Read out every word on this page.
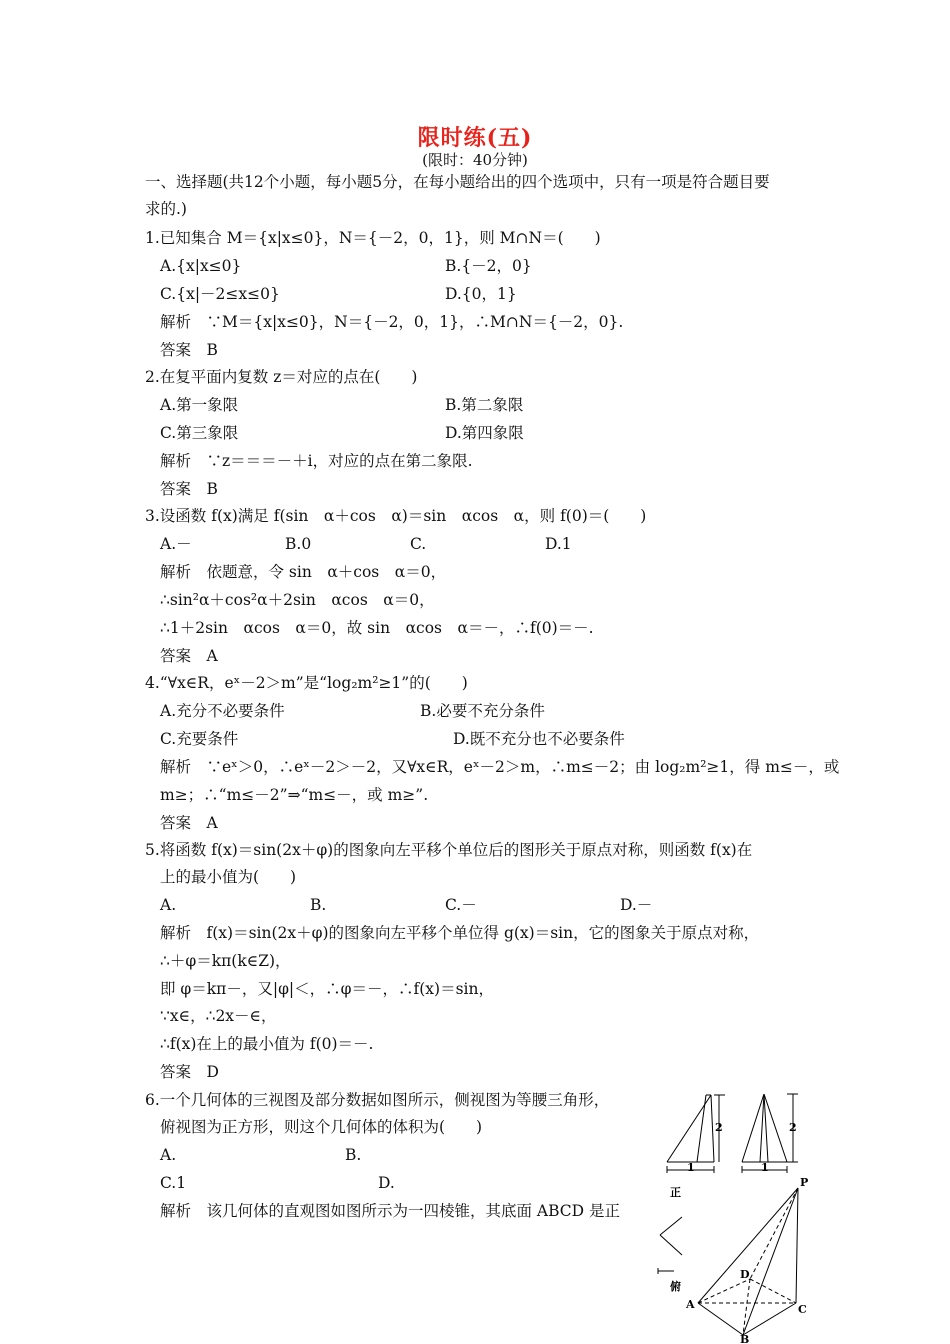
限时练(五)
(限时：40分钟)
一、选择题(共12个小题，每小题5分，在每小题给出的四个选项中，只有一项是符合题目要
求的.)
1.已知集合 M＝{x|x≤0}，N＝{－2，0，1}，则 M∩N＝(　　)
A.{x|x≤0}	B.{－2，0}
C.{x|－2≤x≤0}	D.{0，1}
解析　∵M＝{x|x≤0}，N＝{－2，0，1}，∴M∩N＝{－2，0}.
答案　B
2.在复平面内复数 z＝对应的点在(　　)
A.第一象限	B.第二象限
C.第三象限	D.第四象限
解析　∵z＝＝＝－＋i，对应的点在第二象限.
答案　B
3.设函数 f(x)满足 f(sin　α＋cos　α)＝sin　αcos　α，则 f(0)＝(　　)
A.－	B.0	C.	D.1
解析　依题意，令 sin　α＋cos　α＝0，
∴sin²α＋cos²α＋2sin　αcos　α＝0，
∴1＋2sin　αcos　α＝0，故 sin　αcos　α＝－，∴f(0)＝－.
答案　A
4.“∀x∈R，eˣ－2＞m”是“log₂m²≥1”的(　　)
A.充分不必要条件	B.必要不充分条件
C.充要条件	D.既不充分也不必要条件
解析　∵eˣ＞0，∴eˣ－2＞－2，又∀x∈R，eˣ－2＞m，∴m≤－2；由 log₂m²≥1，得 m≤－，或
m≥；∴“m≤－2”⇒“m≤－，或 m≥”.
答案　A
5.将函数 f(x)＝sin(2x＋φ)的图象向左平移个单位后的图形关于原点对称，则函数 f(x)在
上的最小值为(　　)
A.	B.	C.－	D.－
解析　f(x)＝sin(2x＋φ)的图象向左平移个单位得 g(x)＝sin，它的图象关于原点对称，
∴＋φ＝kπ(k∈Z)，
即 φ＝kπ－，又|φ|＜，∴φ＝－，∴f(x)＝sin，
∵x∈，∴2x－∈，
∴f(x)在上的最小值为 f(0)＝－.
答案　D
6.一个几何体的三视图及部分数据如图所示，侧视图为等腰三角形，
俯视图为正方形，则这个几何体的体积为(　　)
A.	B.
C.1	D.
解析　该几何体的直观图如图所示为一四棱锥，其底面 ABCD 是正
2
1
2
1
正
俯
P
D
A	C
B
